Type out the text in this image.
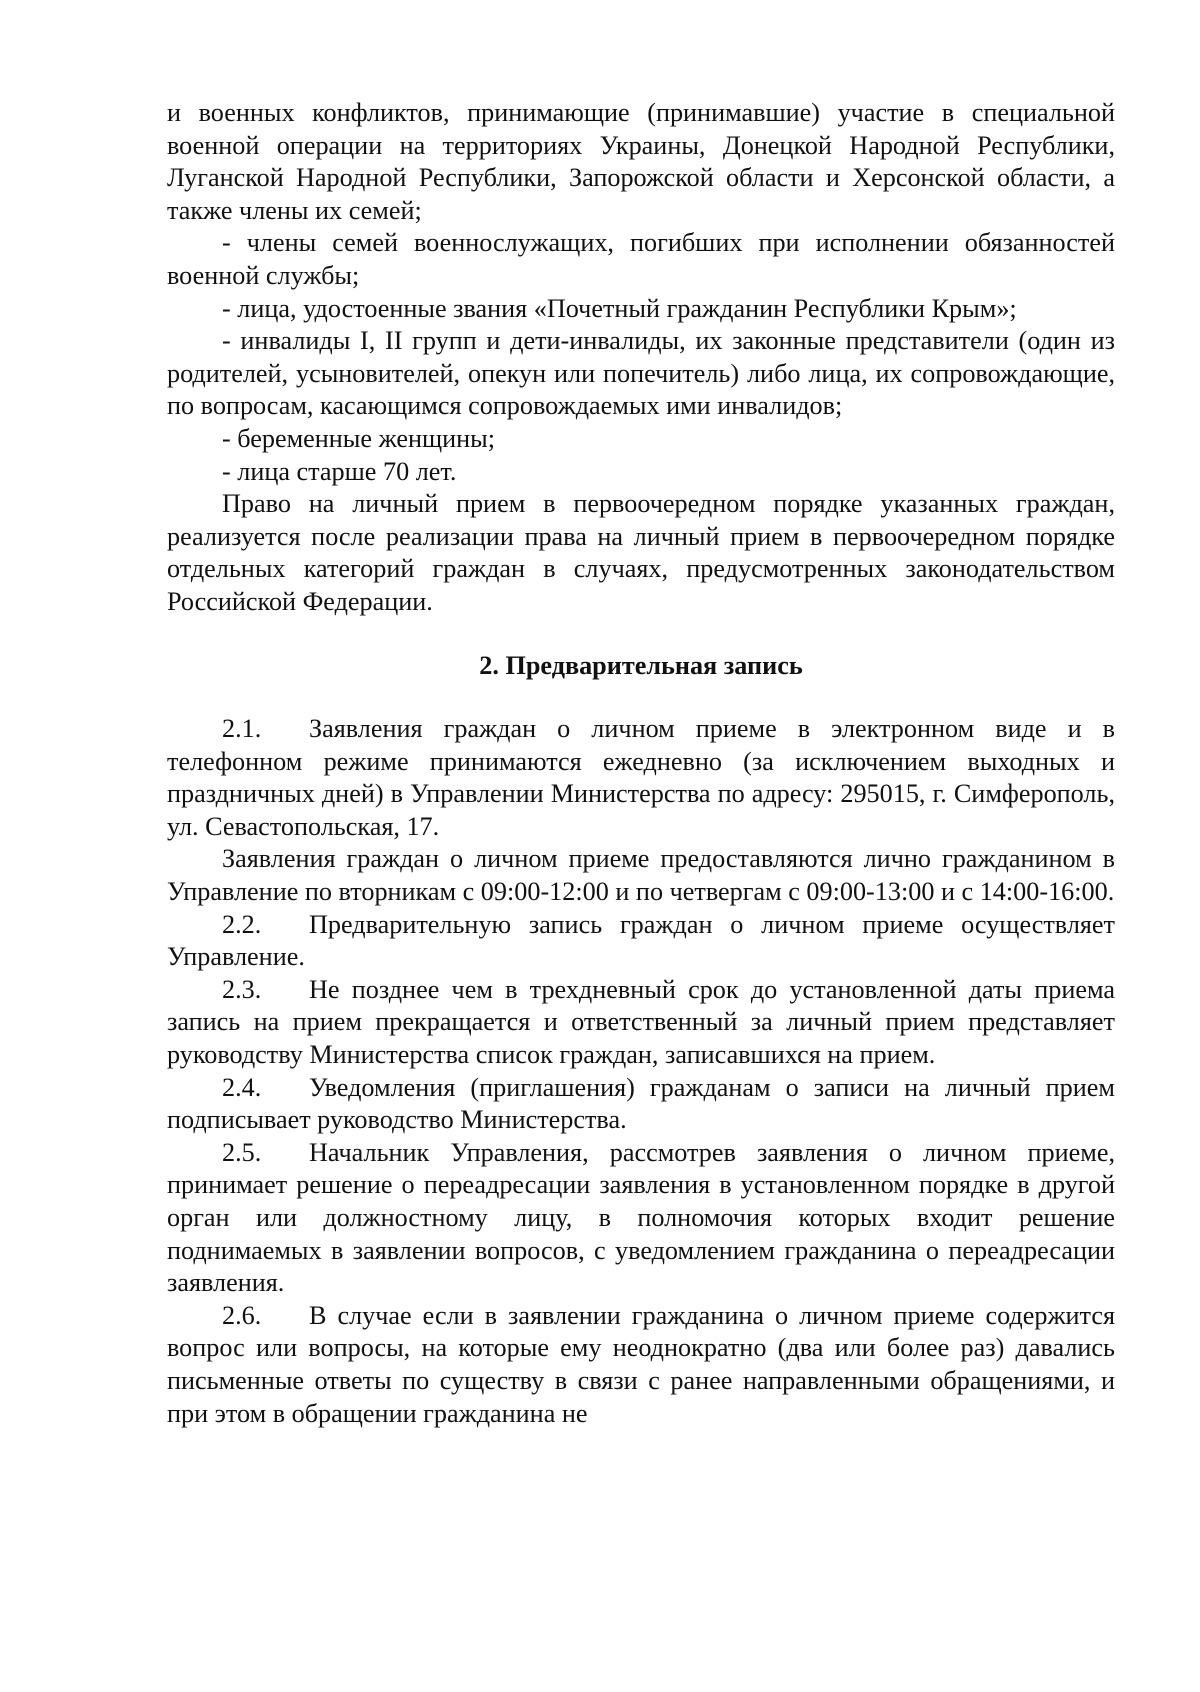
и военных конфликтов, принимающие (принимавшие) участие в специальной военной операции на территориях Украины, Донецкой Народной Республики, Луганской Народной Республики, Запорожской области и Херсонской области, а также члены их семей;

- члены семей военнослужащих, погибших при исполнении обязанностей военной службы;

- лица, удостоенные звания «Почетный гражданин Республики Крым»;

- инвалиды I, II групп и дети-инвалиды, их законные представители (один из родителей, усыновителей, опекун или попечитель) либо лица, их сопровождающие, по вопросам, касающимся сопровождаемых ими инвалидов;

- беременные женщины;

- лица старше 70 лет.

Право на личный прием в первоочередном порядке указанных граждан, реализуется после реализации права на личный прием в первоочередном порядке отдельных категорий граждан в случаях, предусмотренных законодательством Российской Федерации.

2. Предварительная запись

2.1. Заявления граждан о личном приеме в электронном виде и в телефонном режиме принимаются ежедневно (за исключением выходных и праздничных дней) в Управлении Министерства по адресу: 295015, г. Симферополь, ул. Севастопольская, 17.

Заявления граждан о личном приеме предоставляются лично гражданином в Управление по вторникам с 09:00-12:00 и по четвергам с 09:00-13:00 и с 14:00-16:00.

2.2. Предварительную запись граждан о личном приеме осуществляет Управление.

2.3. Не позднее чем в трехдневный срок до установленной даты приема запись на прием прекращается и ответственный за личный прием представляет руководству Министерства список граждан, записавшихся на прием.

2.4. Уведомления (приглашения) гражданам о записи на личный прием подписывает руководство Министерства.

2.5. Начальник Управления, рассмотрев заявления о личном приеме, принимает решение о переадресации заявления в установленном порядке в другой орган или должностному лицу, в полномочия которых входит решение поднимаемых в заявлении вопросов, с уведомлением гражданина о переадресации заявления.

2.6. В случае если в заявлении гражданина о личном приеме содержится вопрос или вопросы, на которые ему неоднократно (два или более раз) давались письменные ответы по существу в связи с ранее направленными обращениями, и при этом в обращении гражданина не
